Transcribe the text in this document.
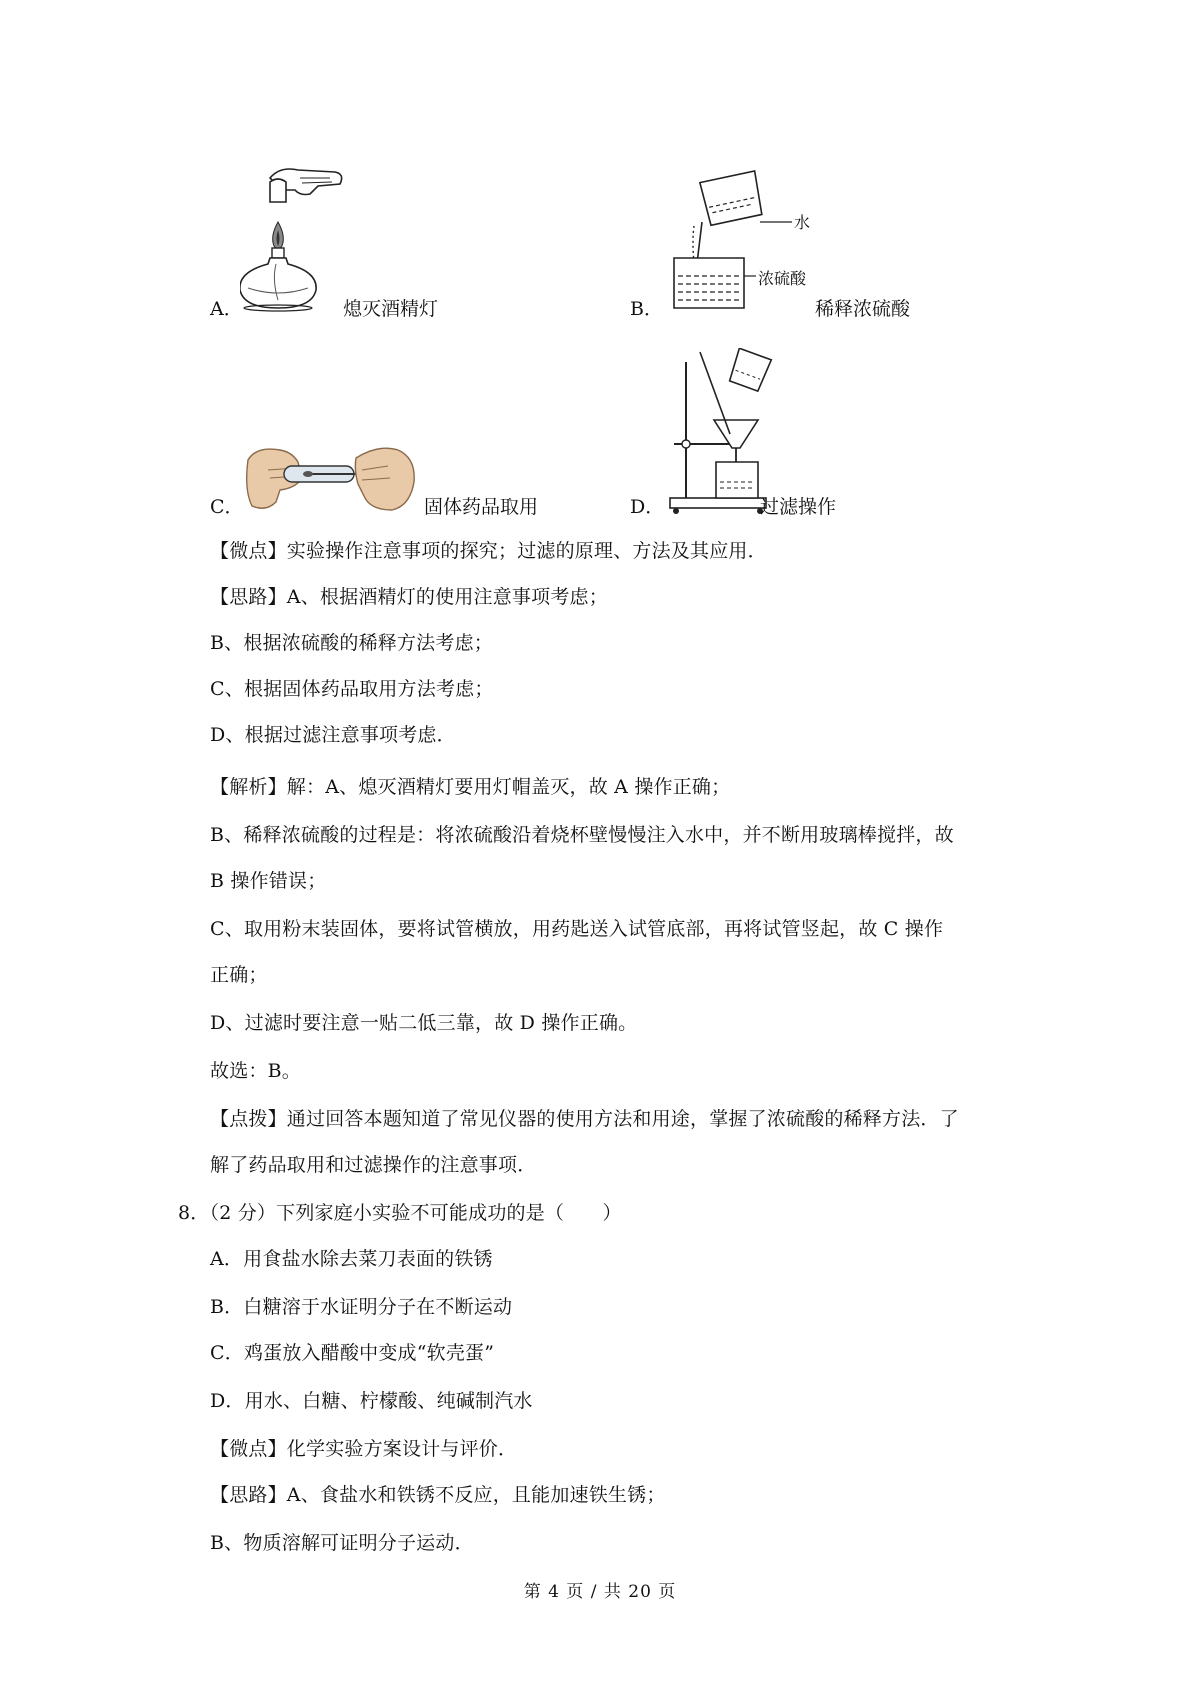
A．	熄灭酒精灯	B．
水
浓硫酸
稀释浓硫酸
C．	固体药品取用	D．	过滤操作
【微点】实验操作注意事项的探究；过滤的原理、方法及其应用．
【思路】A、根据酒精灯的使用注意事项考虑；
B、根据浓硫酸的稀释方法考虑；
C、根据固体药品取用方法考虑；
D、根据过滤注意事项考虑．
【解析】解：A、熄灭酒精灯要用灯帽盖灭，故 A 操作正确；
B、稀释浓硫酸的过程是：将浓硫酸沿着烧杯壁慢慢注入水中，并不断用玻璃棒搅拌，故
B 操作错误；
C、取用粉末装固体，要将试管横放，用药匙送入试管底部，再将试管竖起，故 C 操作
正确；
D、过滤时要注意一贴二低三靠，故 D 操作正确。
故选：B。
【点拨】通过回答本题知道了常见仪器的使用方法和用途，掌握了浓硫酸的稀释方法．了
解了药品取用和过滤操作的注意事项．
8．（2 分）下列家庭小实验不可能成功的是（　　）
A．用食盐水除去菜刀表面的铁锈
B．白糖溶于水证明分子在不断运动
C．鸡蛋放入醋酸中变成“软壳蛋”
D．用水、白糖、柠檬酸、纯碱制汽水
【微点】化学实验方案设计与评价．
【思路】A、食盐水和铁锈不反应，且能加速铁生锈；
B、物质溶解可证明分子运动．
第 4 页 / 共 20 页
